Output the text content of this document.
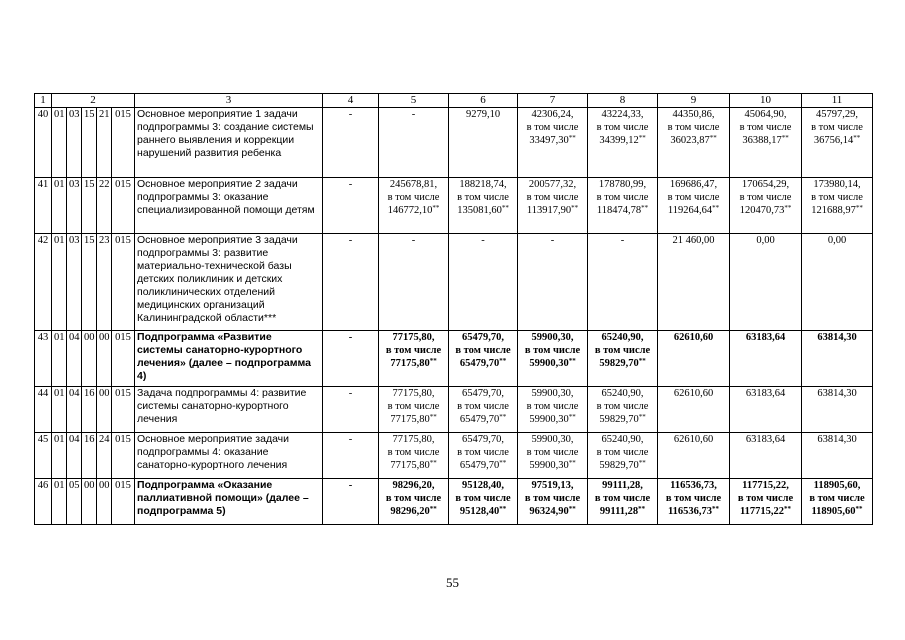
1	2					3	4	5	6	7	8	9	10	11
40	01	03	15	21	015	Основное мероприятие 1 задачи подпрограммы 3: создание системы раннего выявления и коррекции нарушений развития ребенка	-	-	9279,10	42306,24,
в том числе
33497,30**	43224,33,
в том числе
34399,12**	44350,86,
в том числе
36023,87**	45064,90,
в том числе
36388,17**	45797,29,
в том числе
36756,14**

41	01	03	15	22	015	Основное мероприятие 2 задачи подпрограммы 3: оказание специализированной помощи детям	-	245678,81,
в том числе
146772,10**	188218,74,
в том числе
135081,60**	200577,32,
в том числе
113917,90**	178780,99,
в том числе
118474,78**	169686,47,
в том числе
119264,64**	170654,29,
в том числе
120470,73**	173980,14,
в том числе
121688,97**

42	01	03	15	23	015	Основное мероприятие 3 задачи подпрограммы 3: развитие материально-технической базы детских поликлиник и детских поликлинических отделений медицинских организаций Калининградской области***	-	-	-	-	-	21 460,00	0,00	0,00

43	01	04	00	00	015	Подпрограмма «Развитие системы санаторно-курортного лечения» (далее – подпрограмма 4)	-	77175,80,
в том числе
77175,80**	65479,70,
в том числе
65479,70**	59900,30,
в том числе
59900,30**	65240,90,
в том числе
59829,70**	62610,60	63183,64	63814,30

44	01	04	16	00	015	Задача подпрограммы 4: развитие системы санаторно-курортного лечения	-	77175,80,
в том числе
77175,80**	65479,70,
в том числе
65479,70**	59900,30,
в том числе
59900,30**	65240,90,
в том числе
59829,70**	62610,60	63183,64	63814,30

45	01	04	16	24	015	Основное мероприятие задачи подпрограммы 4: оказание санаторно-курортного лечения	-	77175,80,
в том числе
77175,80**	65479,70,
в том числе
65479,70**	59900,30,
в том числе
59900,30**	65240,90,
в том числе
59829,70**	62610,60	63183,64	63814,30

46	01	05	00	00	015	Подпрограмма «Оказание паллиативной помощи» (далее – подпрограмма 5)	-	98296,20,
в том числе
98296,20**	95128,40,
в том числе
95128,40**	97519,13,
в том числе
96324,90**	99111,28,
в том числе
99111,28**	116536,73,
в том числе
116536,73**	117715,22,
в том числе
117715,22**	118905,60,
в том числе
118905,60**
55
